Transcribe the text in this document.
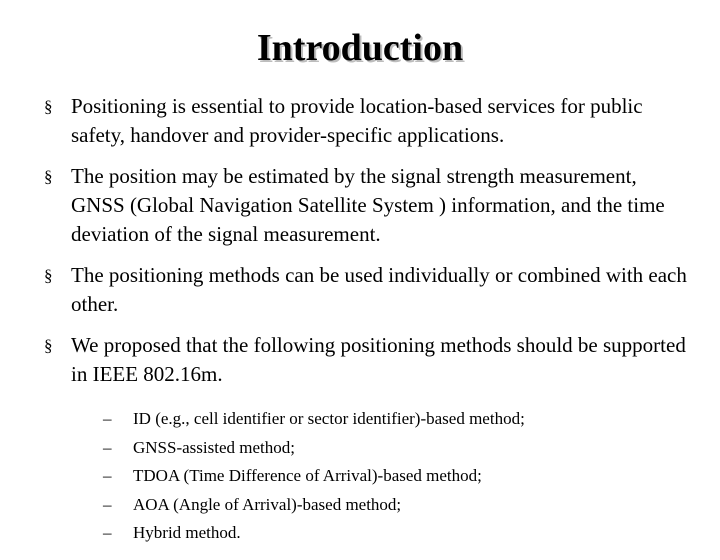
Introduction
§ Positioning is essential to provide location-based services for public safety, handover and provider-specific applications.
§ The position may be estimated by the signal strength measurement, GNSS (Global Navigation Satellite System ) information, and the time deviation of the signal measurement.
§ The positioning methods can be used individually or combined with each other.
§ We proposed that the following positioning methods should be supported in IEEE 802.16m.
– ID (e.g., cell identifier or sector identifier)-based method;
– GNSS-assisted method;
– TDOA (Time Difference of Arrival)-based method;
– AOA (Angle of Arrival)-based method;
– Hybrid method.
